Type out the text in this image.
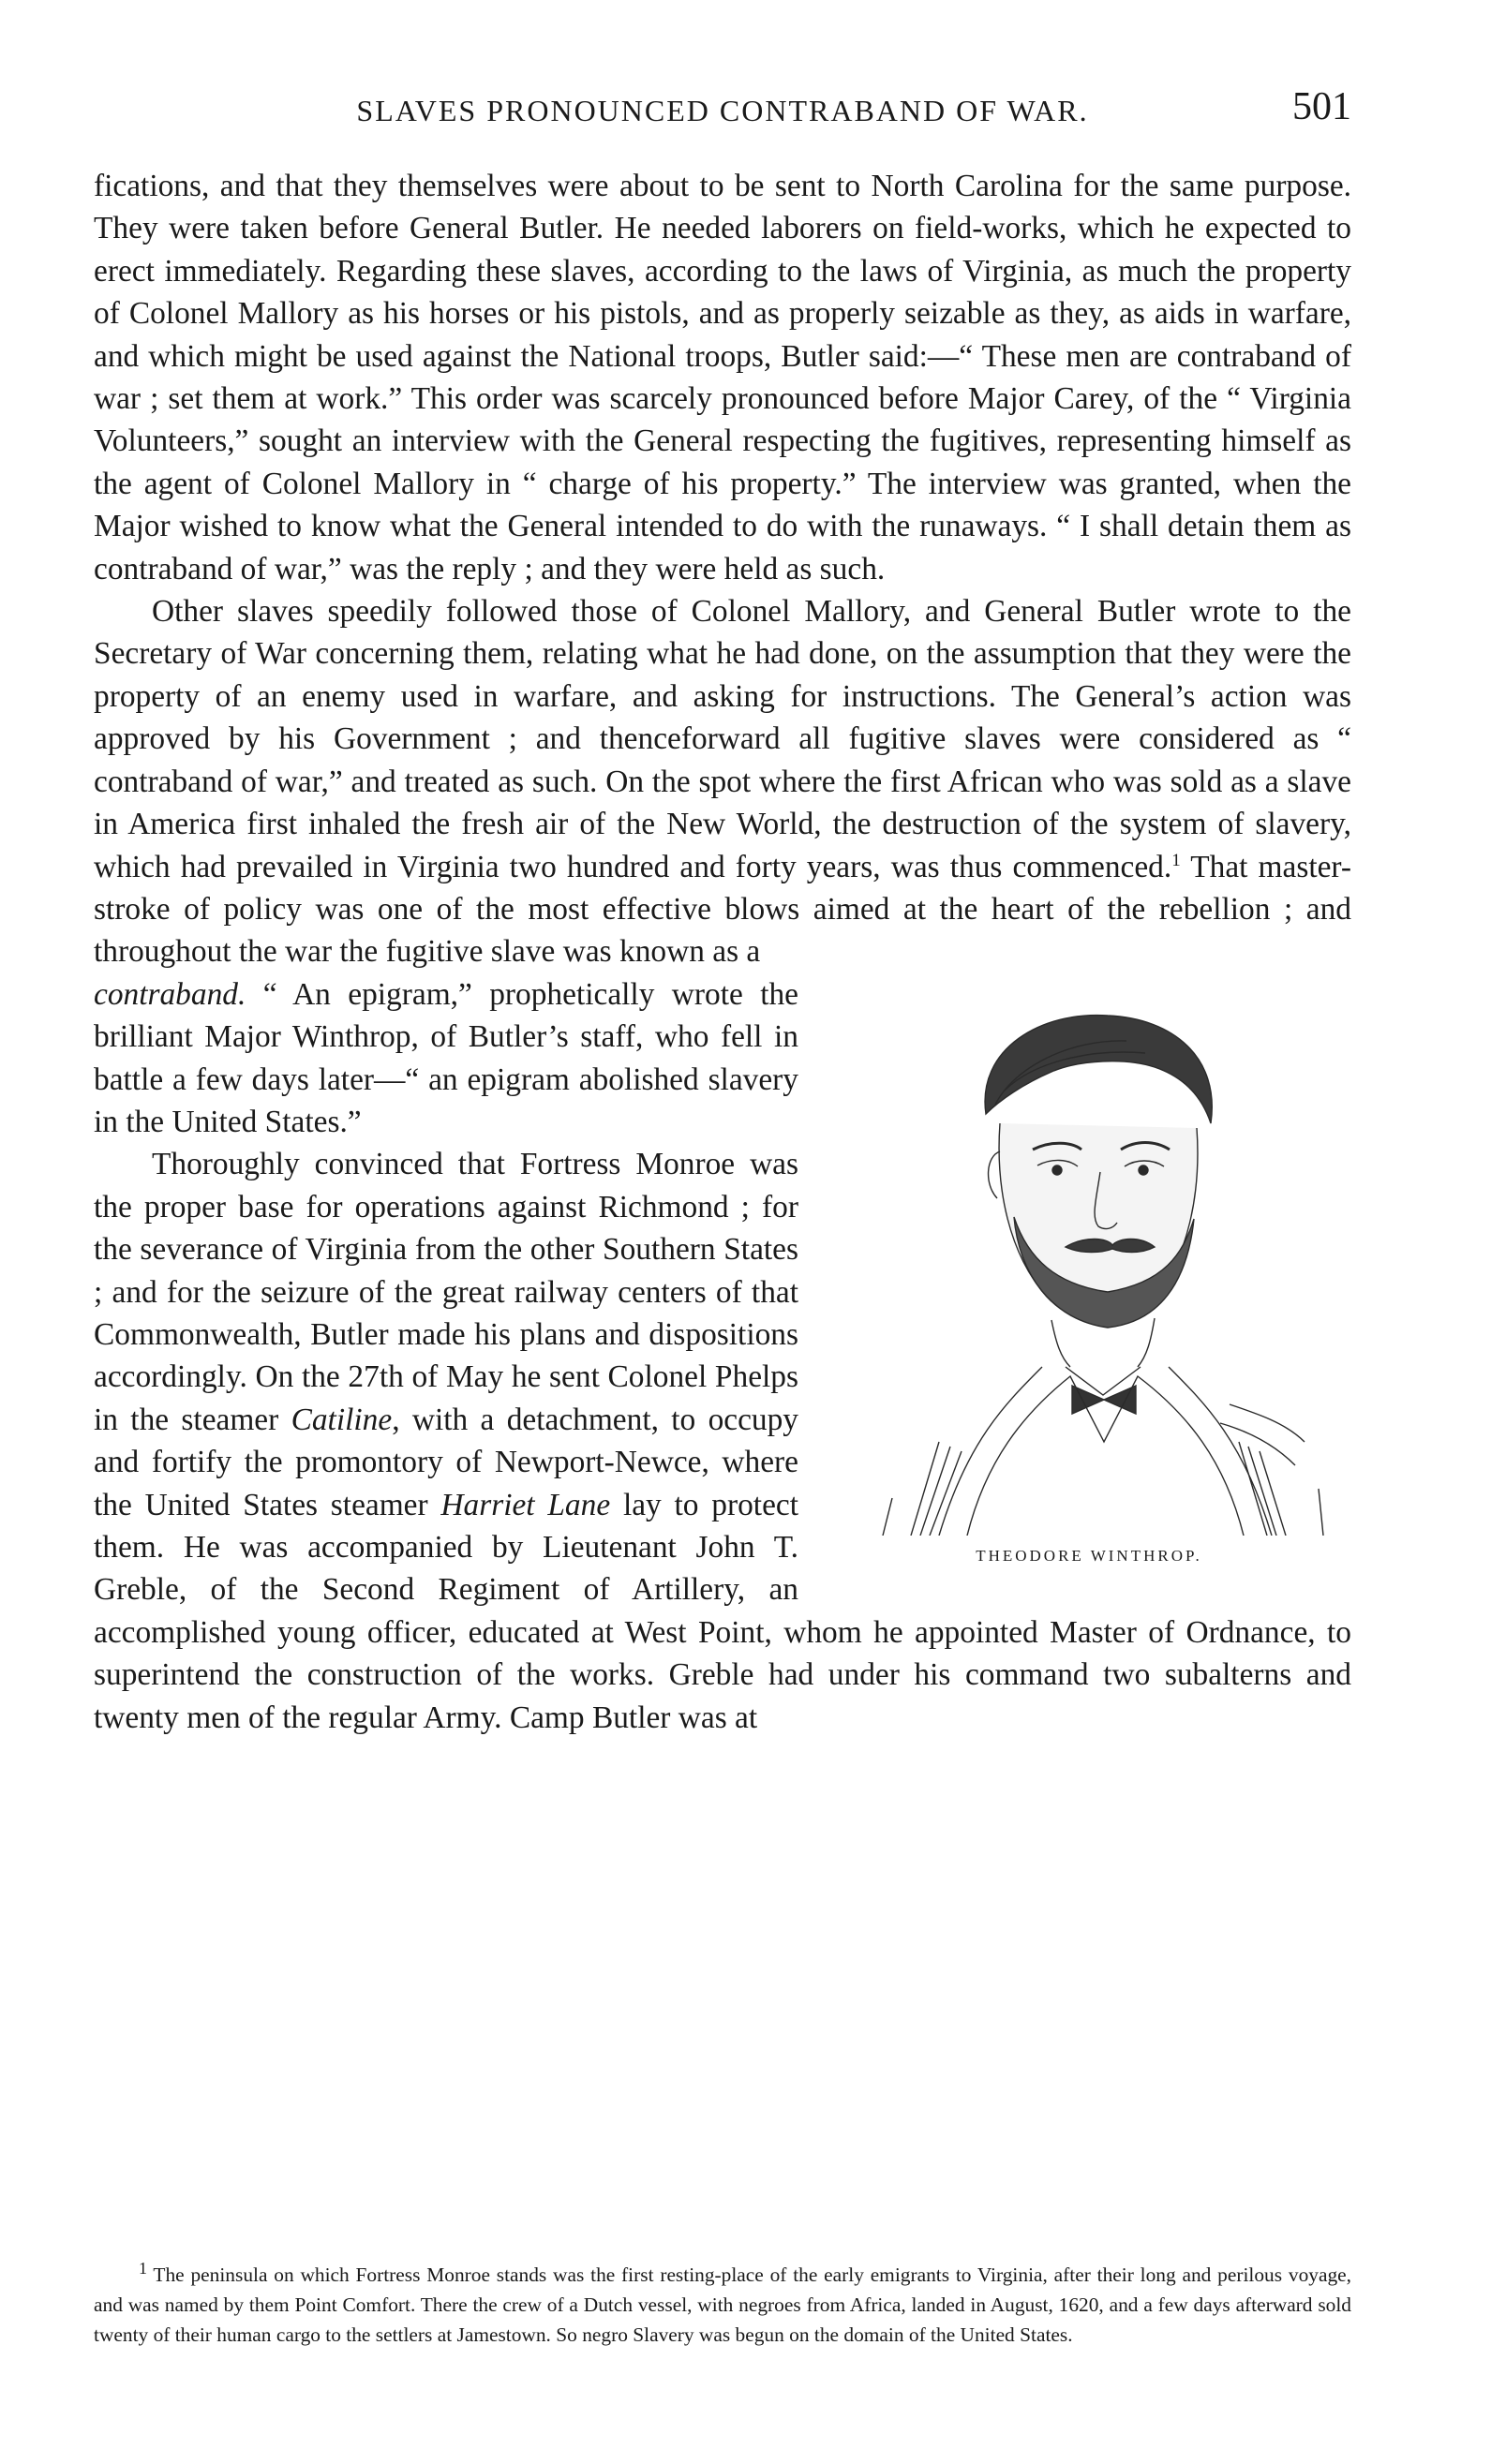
SLAVES PRONOUNCED CONTRABAND OF WAR.	501

fications, and that they themselves were about to be sent to North Carolina for the same purpose. They were taken before General Butler. He needed laborers on field-works, which he expected to erect immediately. Regarding these slaves, according to the laws of Virginia, as much the property of Colonel Mallory as his horses or his pistols, and as properly seizable as they, as aids in warfare, and which might be used against the National troops, Butler said:—“ These men are contraband of war ; set them at work.” This order was scarcely pronounced before Major Carey, of the “ Virginia Volunteers,” sought an interview with the General respecting the fugitives, representing himself as the agent of Colonel Mallory in “ charge of his property.” The interview was granted, when the Major wished to know what the General intended to do with the runaways. “ I shall detain them as contraband of war,” was the reply ; and they were held as such.

Other slaves speedily followed those of Colonel Mallory, and General Butler wrote to the Secretary of War concerning them, relating what he had done, on the assumption that they were the property of an enemy used in warfare, and asking for instructions. The General’s action was approved by his Government ; and thenceforward all fugitive slaves were considered as “ contraband of war,” and treated as such. On the spot where the first African who was sold as a slave in America first inhaled the fresh air of the New World, the destruction of the system of slavery, which had prevailed in Virginia two hundred and forty years, was thus commenced.$^1$ That master-stroke of policy was one of the most effective blows aimed at the heart of the rebellion ; and throughout the war the fugitive slave was known as a

THEODORE WINTHROP.
contraband. “ An epigram,” prophetically wrote the brilliant Major Winthrop, of Butler’s staff, who fell in battle a few days later—“ an epigram abolished slavery in the United States.”

Thoroughly convinced that Fortress Monroe was the proper base for operations against Richmond ; for the severance of Virginia from the other Southern States ; and for the seizure of the great railway centers of that Commonwealth, Butler made his plans and dispositions accordingly. On the 27th of May he sent Colonel Phelps in the steamer Catiline, with a detachment, to occupy and fortify the promontory of Newport-Newce, where the United States steamer Harriet Lane lay to protect them. He was accompanied by Lieutenant John T. Greble, of the Second Regiment of Artillery, an accomplished young officer, educated at West Point, whom he appointed Master of Ordnance, to superintend the construction of the works. Greble had under his command two subalterns and twenty men of the regular Army. Camp Butler was at

$^1$ The peninsula on which Fortress Monroe stands was the first resting-place of the early emigrants to Virginia, after their long and perilous voyage, and was named by them Point Comfort. There the crew of a Dutch vessel, with negroes from Africa, landed in August, 1620, and a few days afterward sold twenty of their human cargo to the settlers at Jamestown. So negro Slavery was begun on the domain of the United States.
